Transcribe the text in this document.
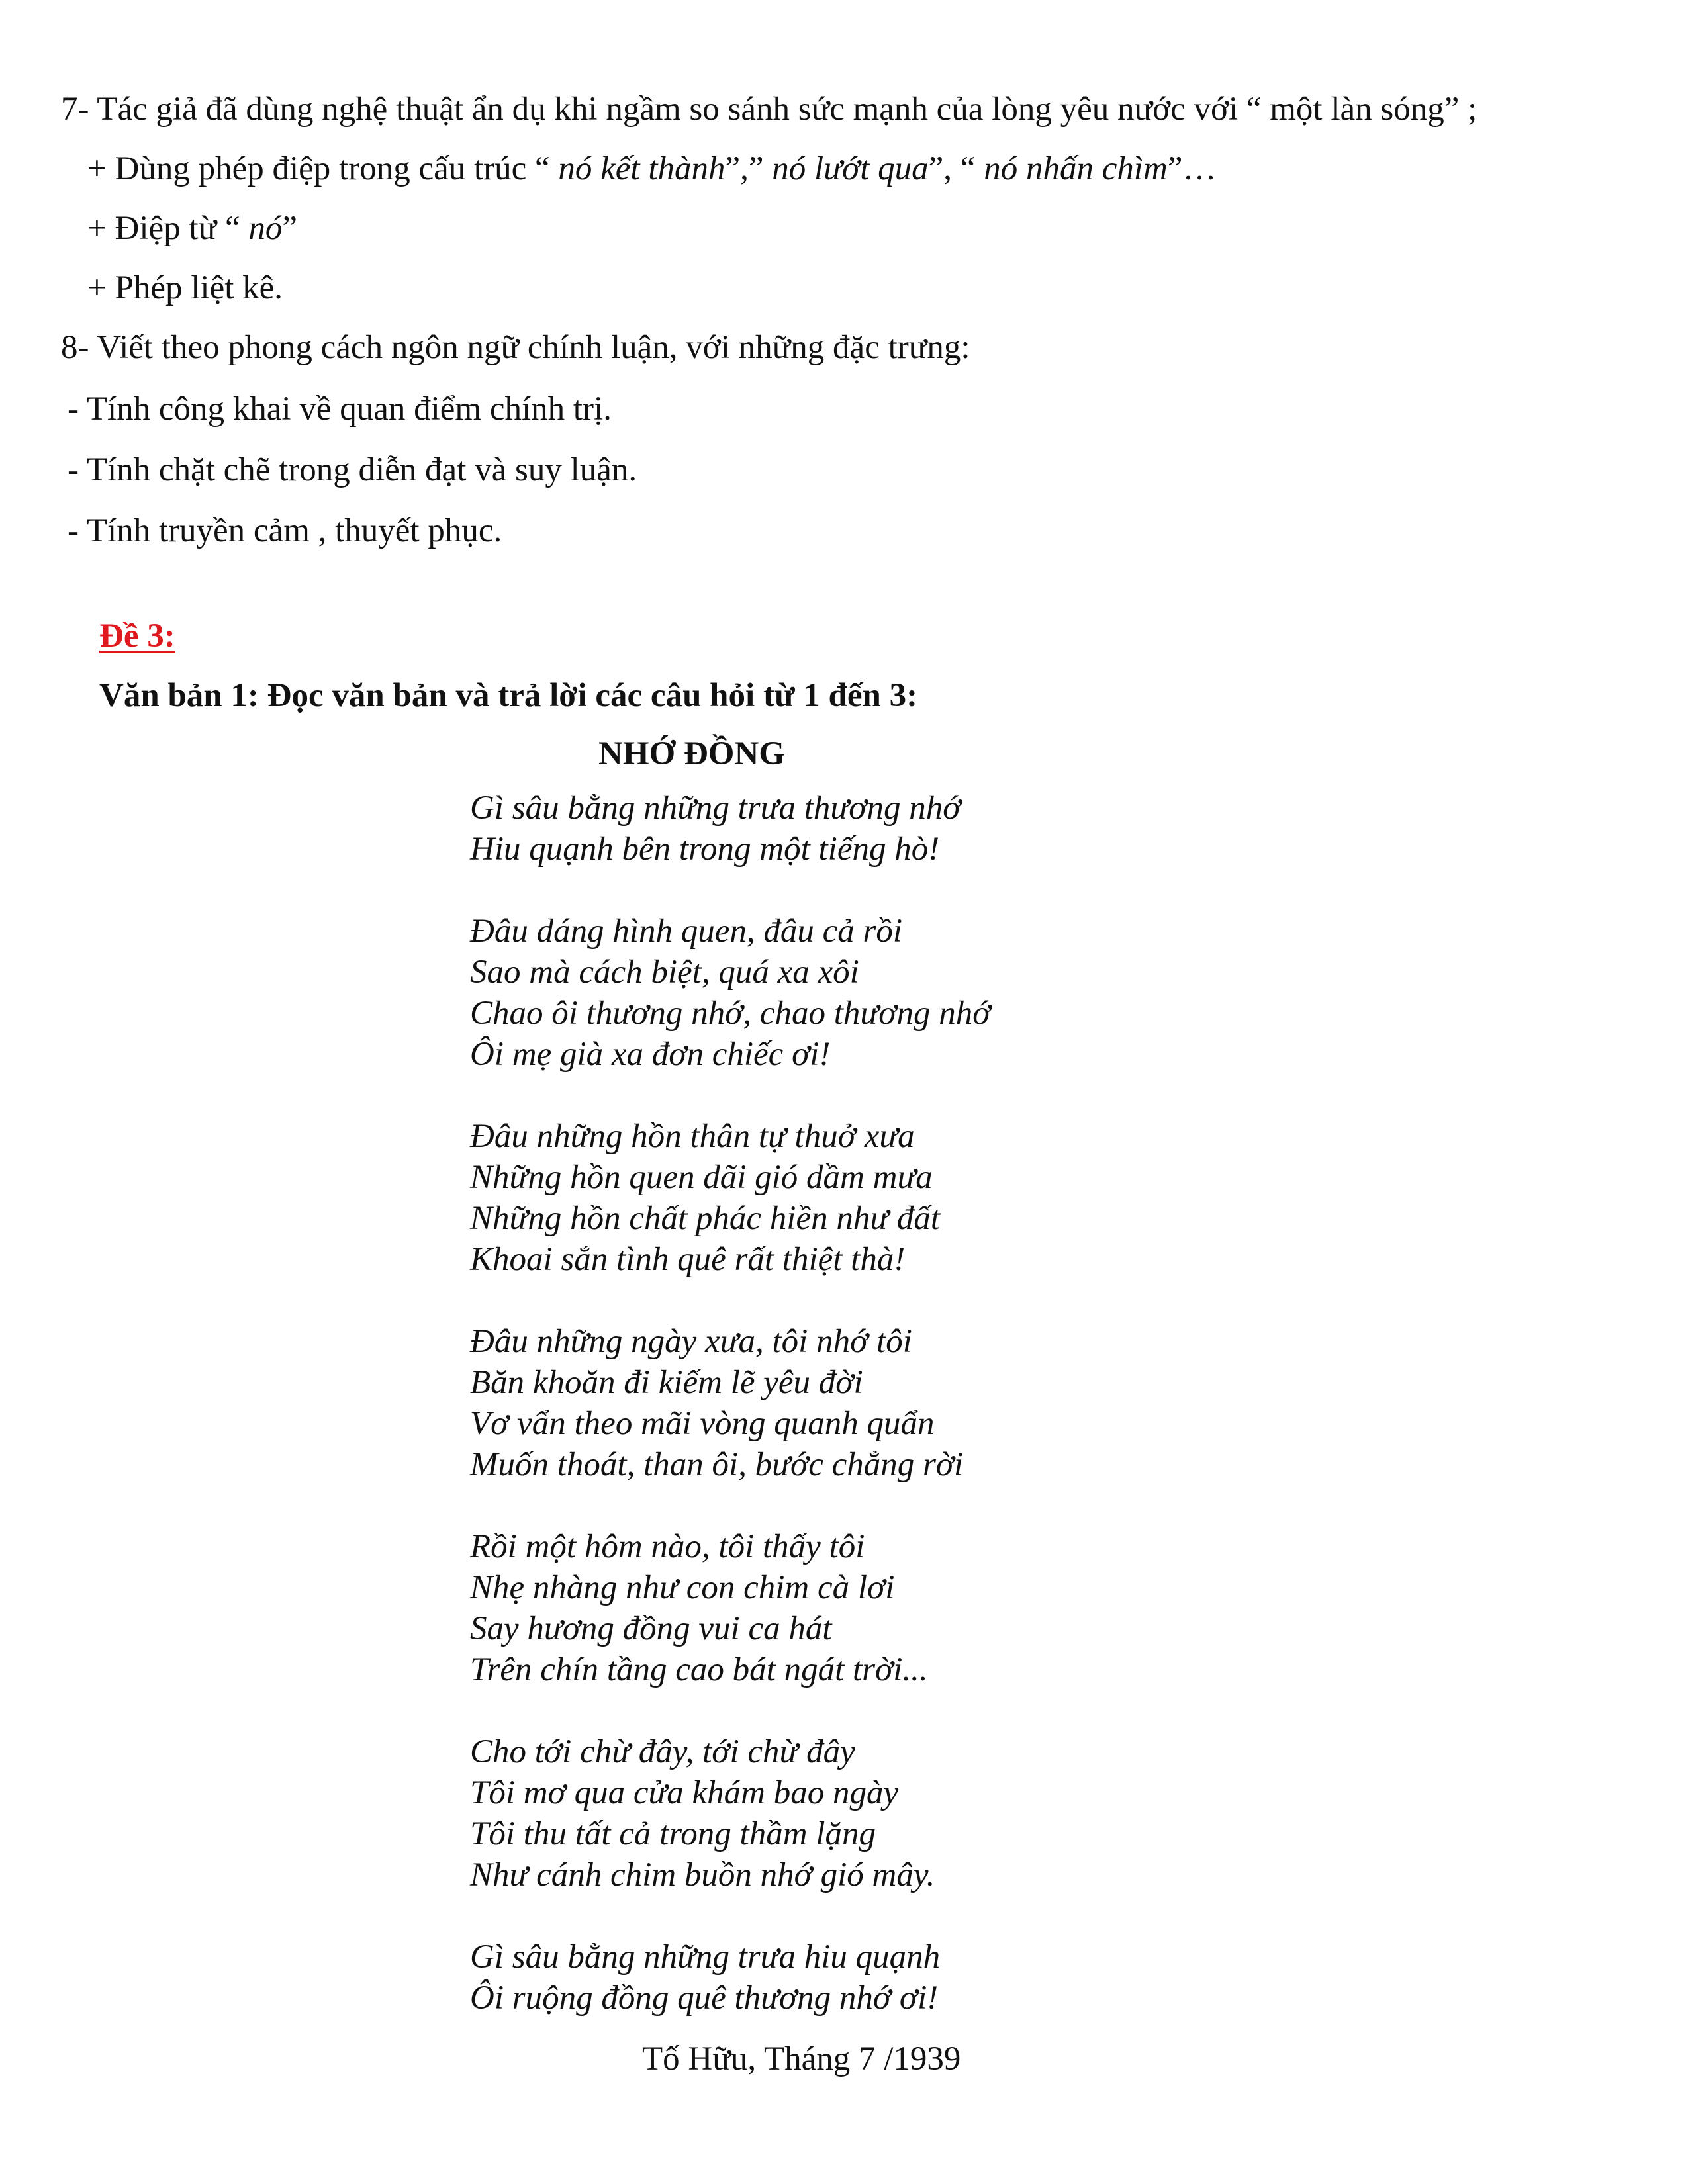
7- Tác giả đã dùng nghệ thuật ẩn dụ khi ngầm so sánh sức mạnh của lòng yêu nước với “ một làn sóng” ;
+ Dùng phép điệp trong cấu trúc “ nó kết thành”,” nó lướt qua”, “ nó nhấn chìm”…
+ Điệp từ “ nó”
+ Phép liệt kê.
8- Viết theo phong cách ngôn ngữ chính luận, với những đặc trưng:
- Tính công khai về quan điểm chính trị.
- Tính chặt chẽ trong diễn đạt và suy luận.
- Tính truyền cảm , thuyết phục.
Đề 3:
Văn bản 1: Đọc văn bản và trả lời các câu hỏi từ 1 đến 3:
NHỚ ĐỒNG
Gì sâu bằng những trưa thương nhớ
Hiu quạnh bên trong một tiếng hò!
Đâu dáng hình quen, đâu cả rồi
Sao mà cách biệt, quá xa xôi
Chao ôi thương nhớ, chao thương nhớ
Ôi mẹ già xa đơn chiếc ơi!
Đâu những hồn thân tự thuở xưa
Những hồn quen dãi gió dầm mưa
Những hồn chất phác hiền như đất
Khoai sắn tình quê rất thiệt thà!
Đâu những ngày xưa, tôi nhớ tôi
Băn khoăn đi kiếm lẽ yêu đời
Vơ vẩn theo mãi vòng quanh quẩn
Muốn thoát, than ôi, bước chẳng rời
Rồi một hôm nào, tôi thấy tôi
Nhẹ nhàng như con chim cà lơi
Say hương đồng vui ca hát
Trên chín tầng cao bát ngát trời...
Cho tới chừ đây, tới chừ đây
Tôi mơ qua cửa khám bao ngày
Tôi thu tất cả trong thầm lặng
Như cánh chim buồn nhớ gió mây.
Gì sâu bằng những trưa hiu quạnh
Ôi ruộng đồng quê thương nhớ ơi!
Tố Hữu, Tháng 7 /1939
